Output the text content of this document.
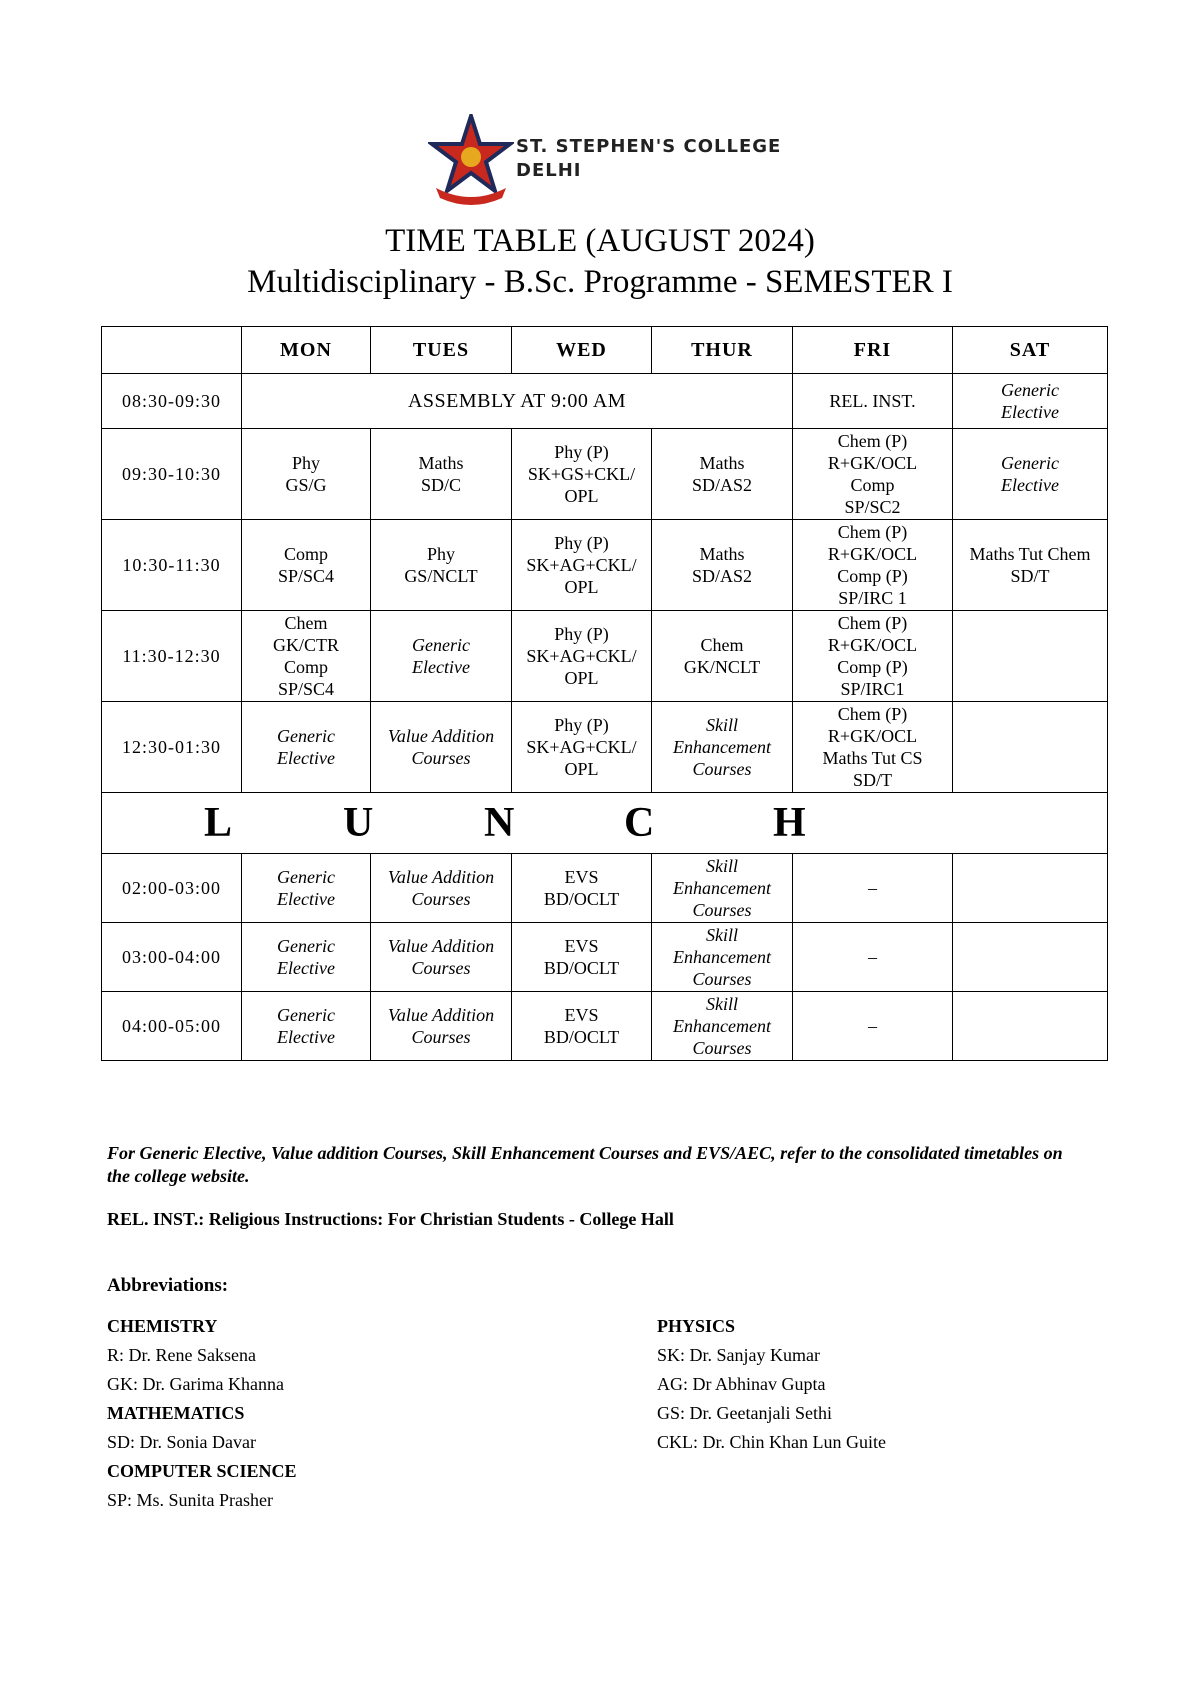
ST. STEPHEN'S COLLEGE
DELHI
TIME TABLE (AUGUST 2024)
Multidisciplinary - B.Sc. Programme - SEMESTER I
	MON	TUES	WED	THUR	FRI	SAT
08:30-09:30	ASSEMBLY AT 9:00 AM				REL. INST.	Generic
Elective

09:30-10:30	Phy
GS/G	Maths
SD/C	Phy (P)
SK+GS+CKL/
OPL	Maths
SD/AS2	Chem (P)
R+GK/OCL
Comp
SP/SC2	Generic
Elective

10:30-11:30	Comp
SP/SC4	Phy
GS/NCLT	Phy (P)
SK+AG+CKL/
OPL	Maths
SD/AS2	Chem (P)
R+GK/OCL
Comp (P)
SP/IRC 1	Maths Tut Chem
SD/T

11:30-12:30	Chem
GK/CTR
Comp
SP/SC4	Generic
Elective	Phy (P)
SK+AG+CKL/
OPL	Chem
GK/NCLT	Chem (P)
R+GK/OCL
Comp (P)
SP/IRC1	

12:30-01:30	Generic
Elective	Value Addition
Courses	Phy (P)
SK+AG+CKL/
OPL	Skill
Enhancement
Courses	Chem (P)
R+GK/OCL
Maths Tut CS
SD/T	

L U N C H						

02:00-03:00	Generic
Elective	Value Addition
Courses	EVS
BD/OCLT	Skill
Enhancement
Courses	–	

03:00-04:00	Generic
Elective	Value Addition
Courses	EVS
BD/OCLT	Skill
Enhancement
Courses	–	

04:00-05:00	Generic
Elective	Value Addition
Courses	EVS
BD/OCLT	Skill
Enhancement
Courses	–	

For Generic Elective, Value addition Courses, Skill Enhancement Courses and EVS/AEC, refer to the consolidated timetables on the college website.
REL. INST.: Religious Instructions: For Christian Students - College Hall
Abbreviations:
CHEMISTRY
R: Dr. Rene Saksena
GK: Dr. Garima Khanna
MATHEMATICS
SD: Dr. Sonia Davar
COMPUTER SCIENCE
SP: Ms. Sunita Prasher
PHYSICS
SK: Dr. Sanjay Kumar
AG: Dr Abhinav Gupta
GS: Dr. Geetanjali Sethi
CKL: Dr. Chin Khan Lun Guite
